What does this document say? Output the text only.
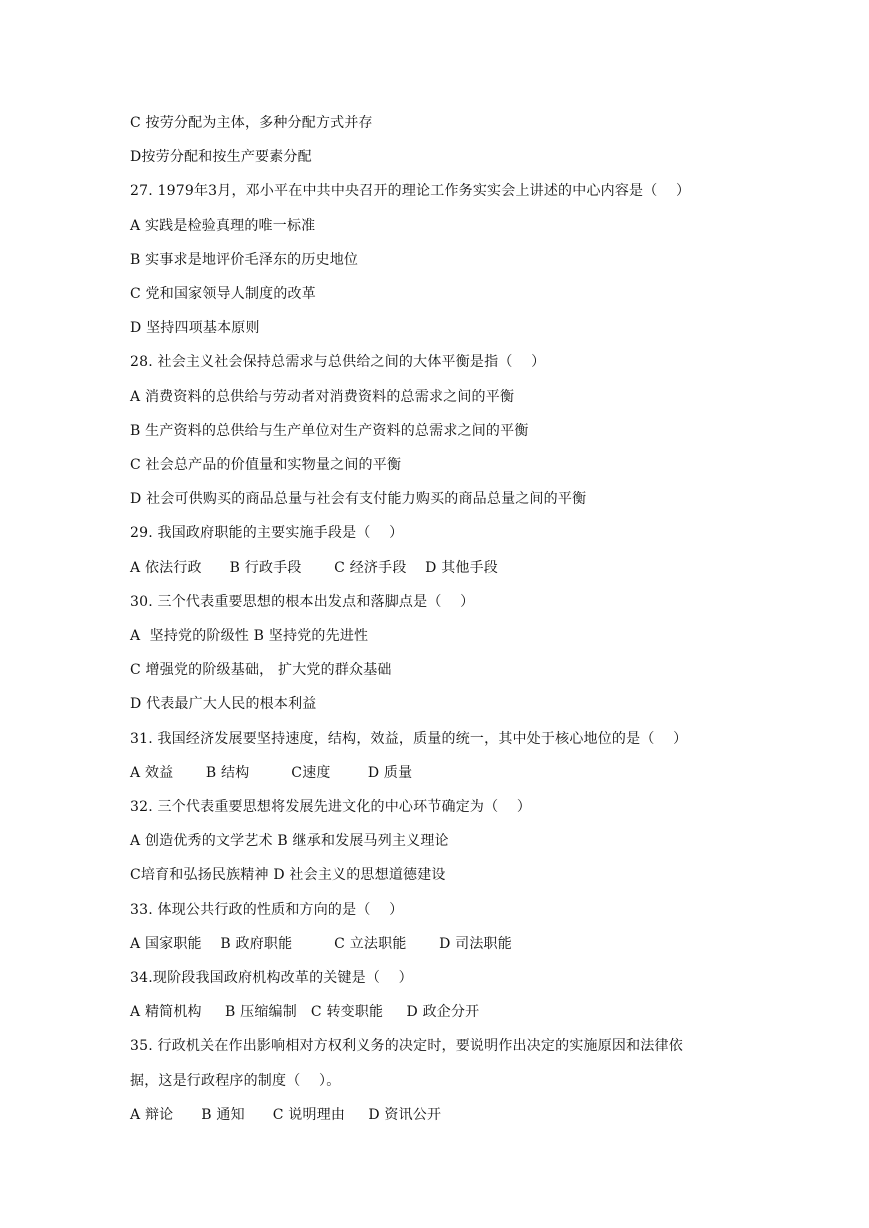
C 按劳分配为主体，多种分配方式并存
D按劳分配和按生产要素分配
27. 1979年3月，邓小平在中共中央召开的理论工作务实实会上讲述的中心内容是（    ）
A 实践是检验真理的唯一标准
B 实事求是地评价毛泽东的历史地位
C 党和国家领导人制度的改革
D 坚持四项基本原则
28. 社会主义社会保持总需求与总供给之间的大体平衡是指（    ）
A 消费资料的总供给与劳动者对消费资料的总需求之间的平衡
B 生产资料的总供给与生产单位对生产资料的总需求之间的平衡
C 社会总产品的价值量和实物量之间的平衡
D 社会可供购买的商品总量与社会有支付能力购买的商品总量之间的平衡
29. 我国政府职能的主要实施手段是（    ）
A 依法行政      B 行政手段       C 经济手段    D 其他手段
30. 三个代表重要思想的根本出发点和落脚点是（    ）
A  坚持党的阶级性 B 坚持党的先进性
C 增强党的阶级基础， 扩大党的群众基础
D 代表最广大人民的根本利益
31. 我国经济发展要坚持速度，结构，效益，质量的统一，其中处于核心地位的是（    ）
A 效益       B 结构         C速度        D 质量
32. 三个代表重要思想将发展先进文化的中心环节确定为（    ）
A 创造优秀的文学艺术 B 继承和发展马列主义理论
C培育和弘扬民族精神 D 社会主义的思想道德建设
33. 体现公共行政的性质和方向的是（    ）
A 国家职能    B 政府职能         C 立法职能       D 司法职能
34.现阶段我国政府机构改革的关键是（    ）
A 精简机构     B 压缩编制   C 转变职能     D 政企分开
35. 行政机关在作出影响相对方权利义务的决定时，要说明作出决定的实施原因和法律依
据，这是行政程序的制度（    ）。
A 辩论      B 通知      C 说明理由     D 资讯公开
